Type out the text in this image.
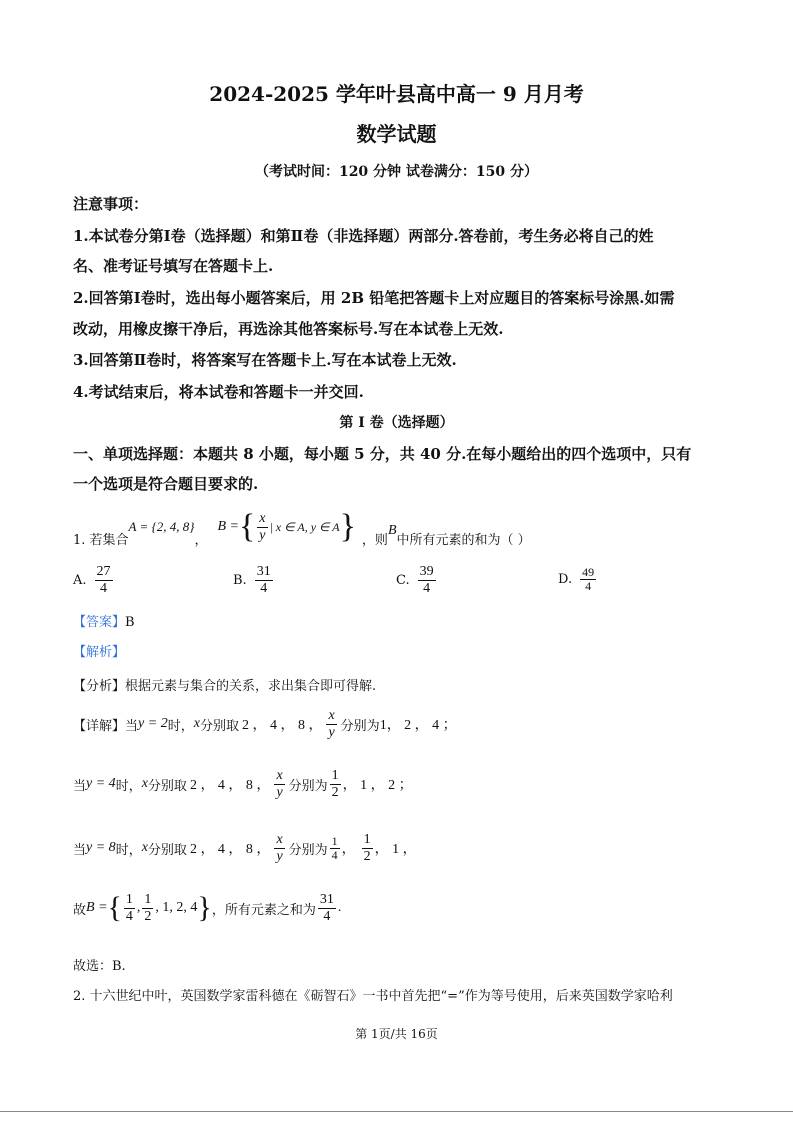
2024-2025 学年叶县高中高一 9 月月考
数学试题
（考试时间：120 分钟 试卷满分：150 分）
注意事项：
1.本试卷分第Ⅰ卷（选择题）和第Ⅱ卷（非选择题）两部分.答卷前，考生务必将自己的姓
名、准考证号填写在答题卡上.
2.回答第Ⅰ卷时，选出每小题答案后，用 2B 铅笔把答题卡上对应题目的答案标号涂黑.如需
改动，用橡皮擦干净后，再选涂其他答案标号.写在本试卷上无效.
3.回答第Ⅱ卷时，将答案写在答题卡上.写在本试卷上无效.
4.考试结束后，将本试卷和答题卡一并交回.
第 I 卷（选择题）
一、单项选择题：本题共 8 小题，每小题 5 分，共 40 分.在每小题给出的四个选项中，只有
一个选项是符合题目要求的.
1. 若集合
A = {2, 4, 8}
，
B = { $\frac{x}{y}$ | x ∈ A, y ∈ A } ，则
B
中所有元素的和为（ ）
A. $\frac{27}{4}$	B. $\frac{31}{4}$	C. $\frac{39}{4}$	D. $\frac{49}{4}$
【答案】B
【解析】
【分析】根据元素与集合的关系，求出集合即可得解.
【详解】 当 y = 2 时， x 分别取 2 ， 4 ， 8 ， $\frac{x}{y}$ 分别为 1， 2 ， 4 ；
当 y = 4 时， x 分别取 2 ， 4 ， 8 ， $\frac{x}{y}$ 分别为 $\frac{1}{2}$ ， 1 ， 2 ；
当 y = 8 时， x 分别取 2 ， 4 ， 8 ， $\frac{x}{y}$ 分别为 $\frac{1}{4}$ ， $\frac{1}{2}$ ， 1 ，
故 B = { $\frac{1}{4}$ , $\frac{1}{2}$ , 1, 2, 4 } ，所有元素之和为 $\frac{31}{4}$ .
故选：B.
2. 十六世纪中叶，英国数学家雷科德在《砺智石》一书中首先把“=”作为等号使用，后来英国数学家哈利
第 1页/共 16页
